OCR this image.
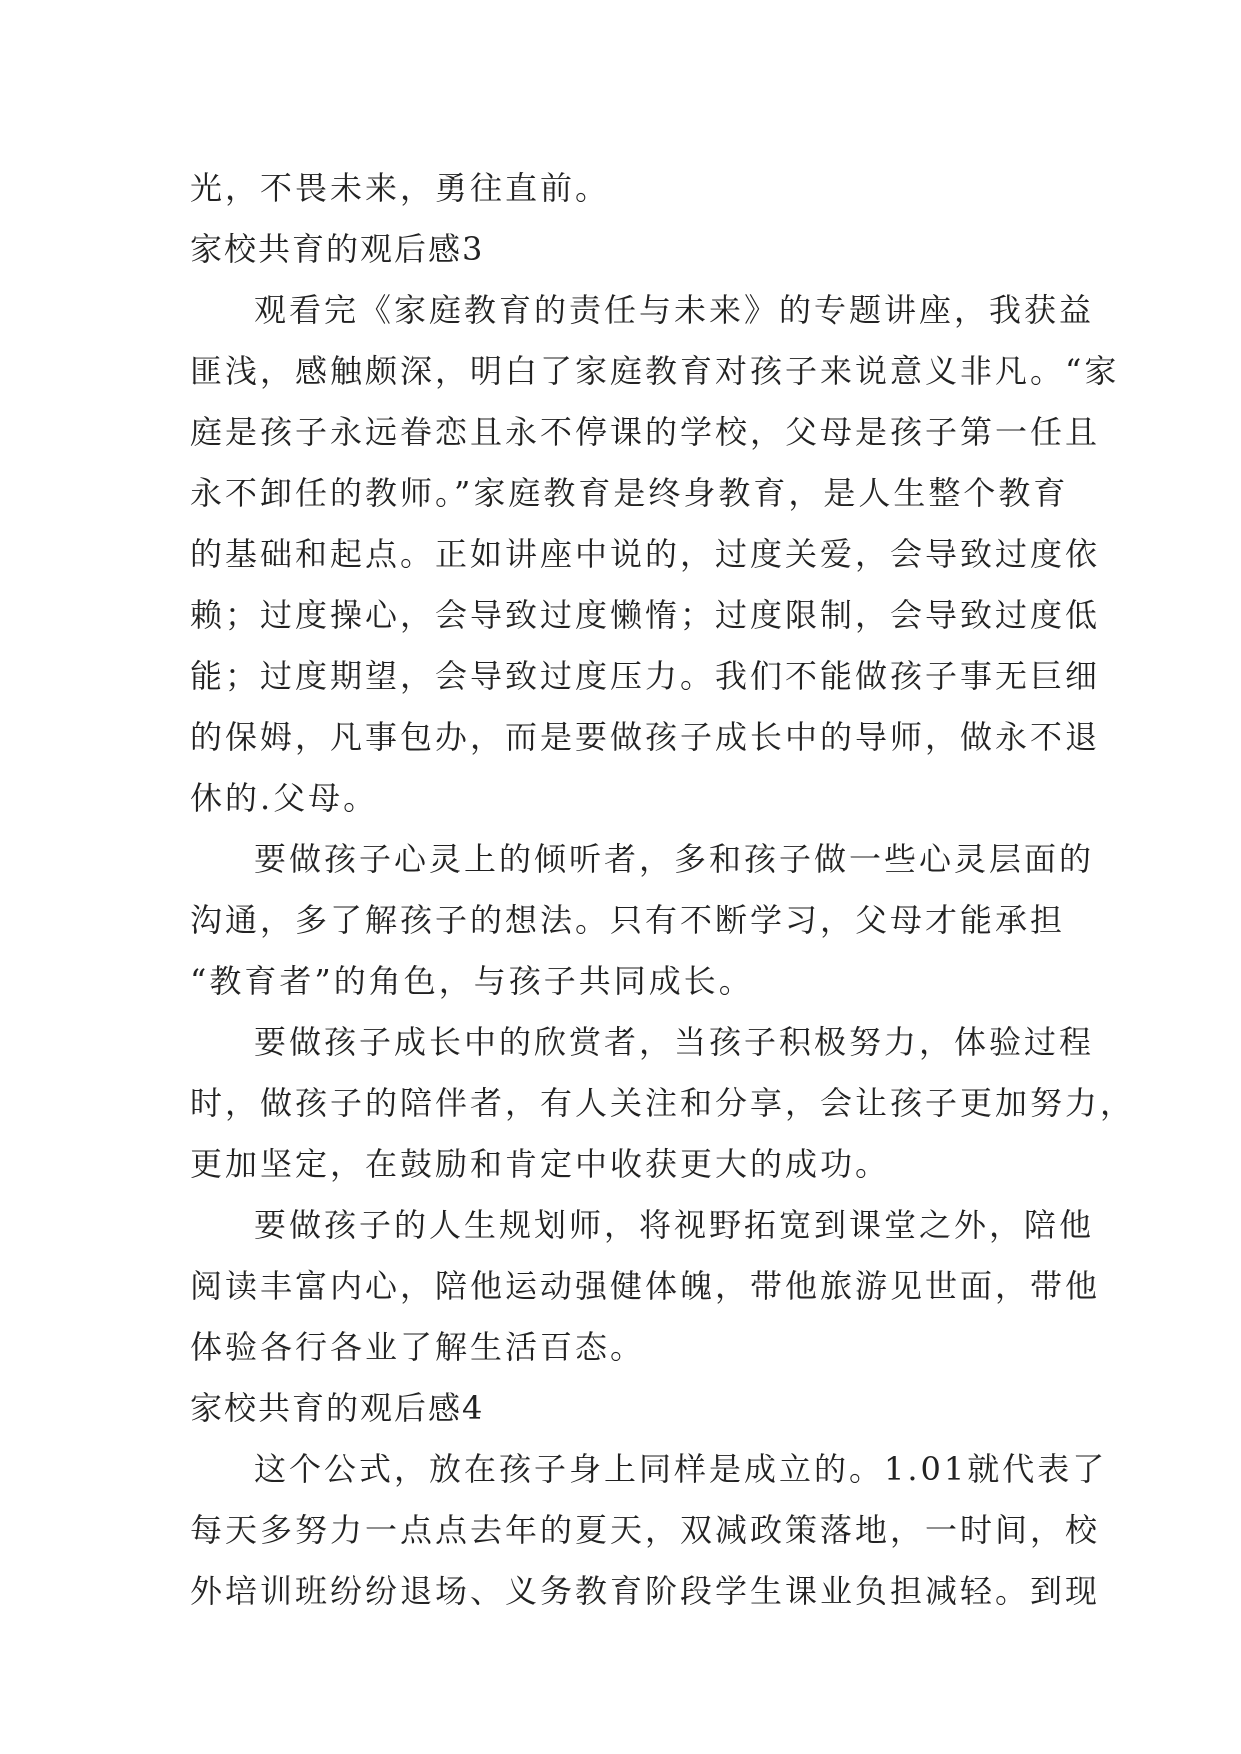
光，不畏未来，勇往直前。

家校共育的观后感3

观看完《家庭教育的责任与未来》的专题讲座，我获益

匪浅，感触颇深，明白了家庭教育对孩子来说意义非凡。“家

庭是孩子永远眷恋且永不停课的学校，父母是孩子第一任且

永不卸任的教师。”家庭教育是终身教育，是人生整个教育

的基础和起点。正如讲座中说的，过度关爱，会导致过度依

赖；过度操心，会导致过度懒惰；过度限制，会导致过度低

能；过度期望，会导致过度压力。我们不能做孩子事无巨细

的保姆，凡事包办，而是要做孩子成长中的导师，做永不退

休的.父母。

要做孩子心灵上的倾听者，多和孩子做一些心灵层面的

沟通，多了解孩子的想法。只有不断学习，父母才能承担

“教育者”的角色，与孩子共同成长。

要做孩子成长中的欣赏者，当孩子积极努力，体验过程

时，做孩子的陪伴者，有人关注和分享，会让孩子更加努力，

更加坚定，在鼓励和肯定中收获更大的成功。

要做孩子的人生规划师，将视野拓宽到课堂之外，陪他

阅读丰富内心，陪他运动强健体魄，带他旅游见世面，带他

体验各行各业了解生活百态。

家校共育的观后感4

这个公式，放在孩子身上同样是成立的。1.01就代表了

每天多努力一点点去年的夏天，双减政策落地，一时间，校

外培训班纷纷退场、义务教育阶段学生课业负担减轻。到现
